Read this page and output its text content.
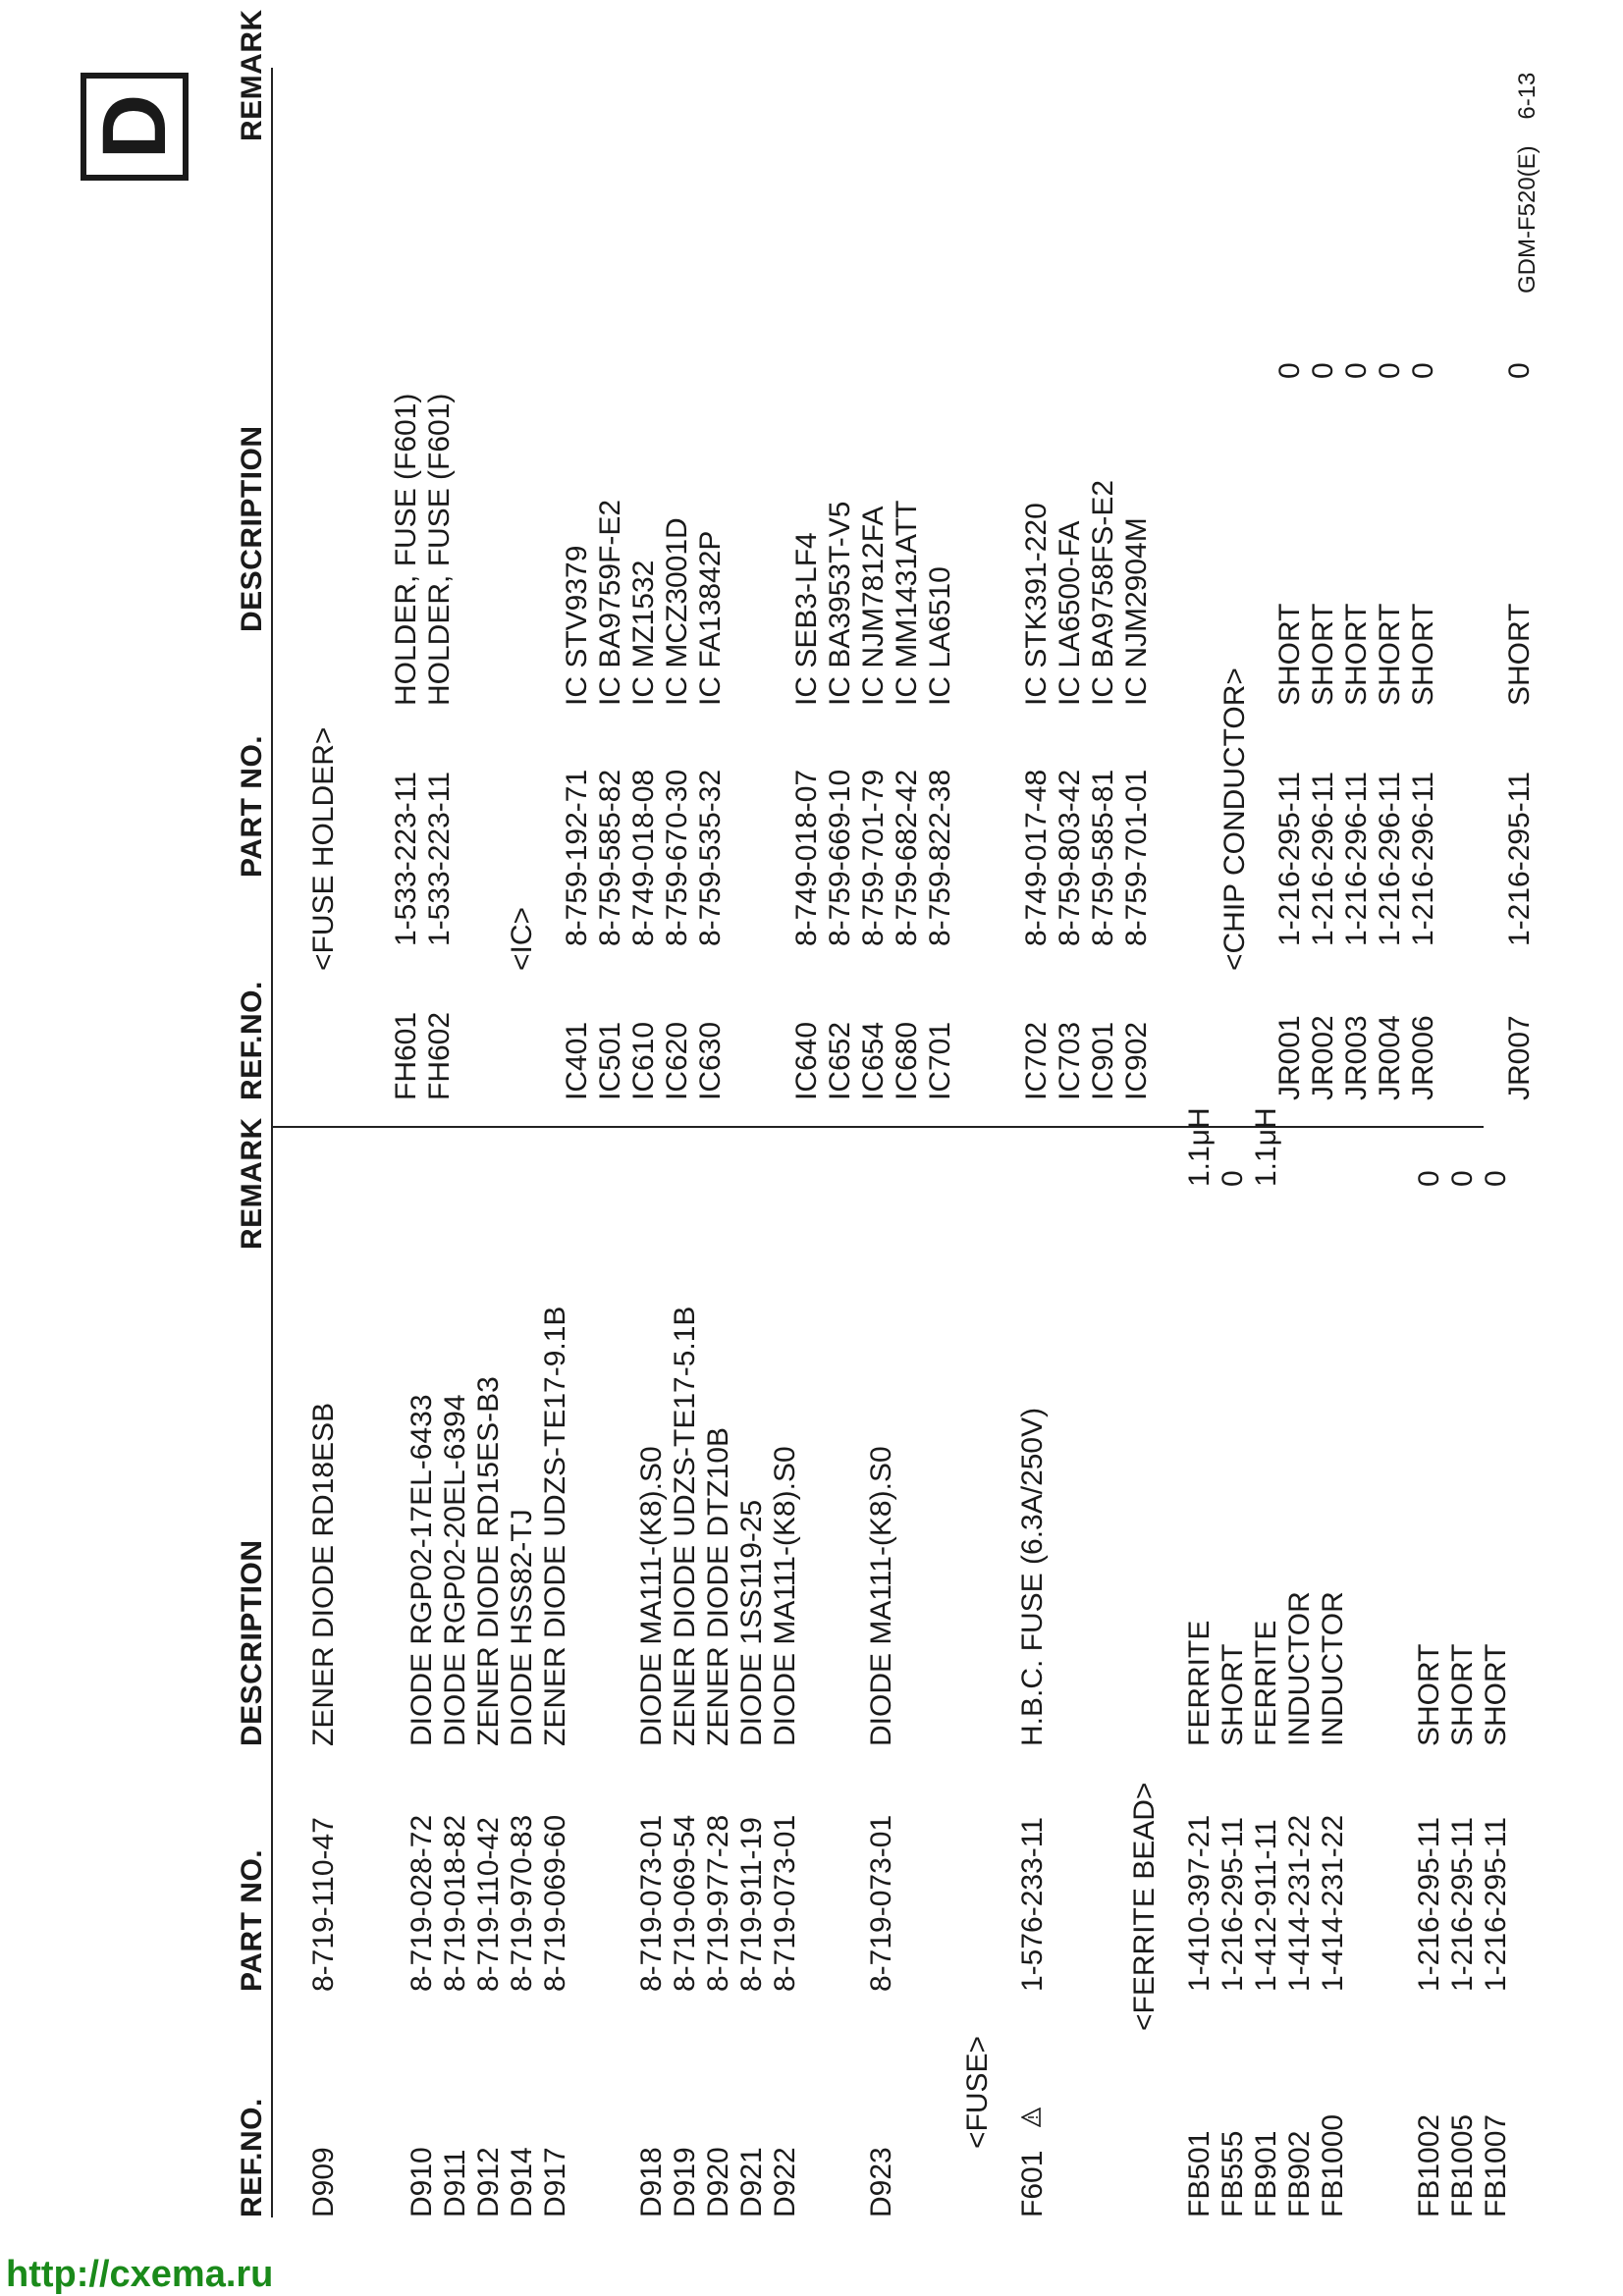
REF.NO.
PART NO.
DESCRIPTION
REMARK
REF.NO.
PART NO.
DESCRIPTION
REMARK
D
D909
8-719-110-47
ZENER DIODE RD18ESB
D910
8-719-028-72
DIODE RGP02-17EL-6433
D911
8-719-018-82
DIODE RGP02-20EL-6394
D912
8-719-110-42
ZENER DIODE RD15ES-B3
D914
8-719-970-83
DIODE HSS82-TJ
D917
8-719-069-60
ZENER DIODE UDZS-TE17-9.1B
D918
8-719-073-01
DIODE MA111-(K8).S0
D919
8-719-069-54
ZENER DIODE UDZS-TE17-5.1B
D920
8-719-977-28
ZENER DIODE DTZ10B
D921
8-719-911-19
DIODE 1SS119-25
D922
8-719-073-01
DIODE MA111-(K8).S0
D923
8-719-073-01
DIODE MA111-(K8).S0
<FUSE>
F601
1-576-233-11
H.B.C. FUSE (6.3A/250V)
<FERRITE BEAD>
FB501
1-410-397-21
FERRITE
1.1μH
FB555
1-216-295-11
SHORT
0
FB901
1-412-911-11
FERRITE
1.1μH
FB902
1-414-231-22
INDUCTOR
FB1000
1-414-231-22
INDUCTOR
FB1002
1-216-295-11
SHORT
0
FB1005
1-216-295-11
SHORT
0
FB1007
1-216-295-11
SHORT
0
<FUSE HOLDER>
FH601
1-533-223-11
HOLDER, FUSE (F601)
FH602
1-533-223-11
HOLDER, FUSE (F601)
<IC>
IC401
8-759-192-71
IC STV9379
IC501
8-759-585-82
IC BA9759F-E2
IC610
8-749-018-08
IC MZ1532
IC620
8-759-670-30
IC MCZ3001D
IC630
8-759-535-32
IC FA13842P
IC640
8-749-018-07
IC SEB3-LF4
IC652
8-759-669-10
IC BA3953T-V5
IC654
8-759-701-79
IC NJM7812FA
IC680
8-759-682-42
IC MM1431ATT
IC701
8-759-822-38
IC LA6510
IC702
8-749-017-48
IC STK391-220
IC703
8-759-803-42
IC LA6500-FA
IC901
8-759-585-81
IC BA9758FS-E2
IC902
8-759-701-01
IC NJM2904M
<CHIP CONDUCTOR>
JR001
1-216-295-11
SHORT
0
JR002
1-216-296-11
SHORT
0
JR003
1-216-296-11
SHORT
0
JR004
1-216-296-11
SHORT
0
JR006
1-216-296-11
SHORT
0
JR007
1-216-295-11
SHORT
0
GDM-F520(E) 6-13
http://cxema.ru
